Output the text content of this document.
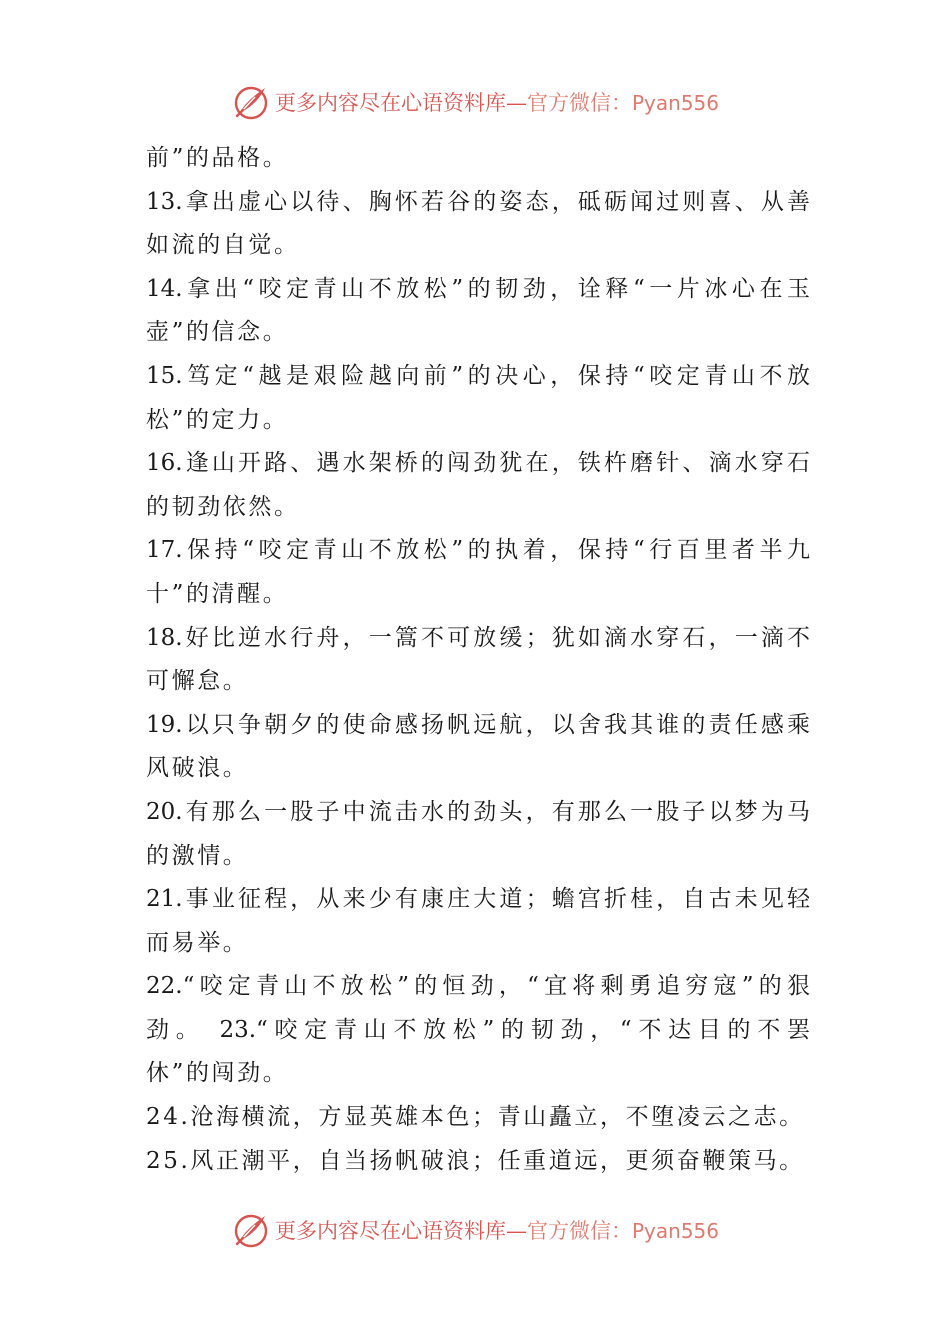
更多内容尽在心语资料库—官方微信：Pyan556
前”的品格。
13.拿出虚心以待、胸怀若谷的姿态，砥砺闻过则喜、从善
如流的自觉。
14.拿出“咬定青山不放松”的韧劲，诠释“一片冰心在玉
壶”的信念。
15.笃定“越是艰险越向前”的决心，保持“咬定青山不放
松”的定力。
16.逢山开路、遇水架桥的闯劲犹在，铁杵磨针、滴水穿石
的韧劲依然。
17.保持“咬定青山不放松”的执着，保持“行百里者半九
十”的清醒。
18.好比逆水行舟，一篙不可放缓；犹如滴水穿石，一滴不
可懈怠。
19.以只争朝夕的使命感扬帆远航，以舍我其谁的责任感乘
风破浪。
20.有那么一股子中流击水的劲头，有那么一股子以梦为马
的激情。
21.事业征程，从来少有康庄大道；蟾宫折桂，自古未见轻
而易举。
22.“咬定青山不放松”的恒劲，“宜将剩勇追穷寇”的狠
劲。 23.“咬定青山不放松”的韧劲，“不达目的不罢
休”的闯劲。
24.沧海横流，方显英雄本色；青山矗立，不堕凌云之志。
25.风正潮平，自当扬帆破浪；任重道远，更须奋鞭策马。
更多内容尽在心语资料库—官方微信：Pyan556
